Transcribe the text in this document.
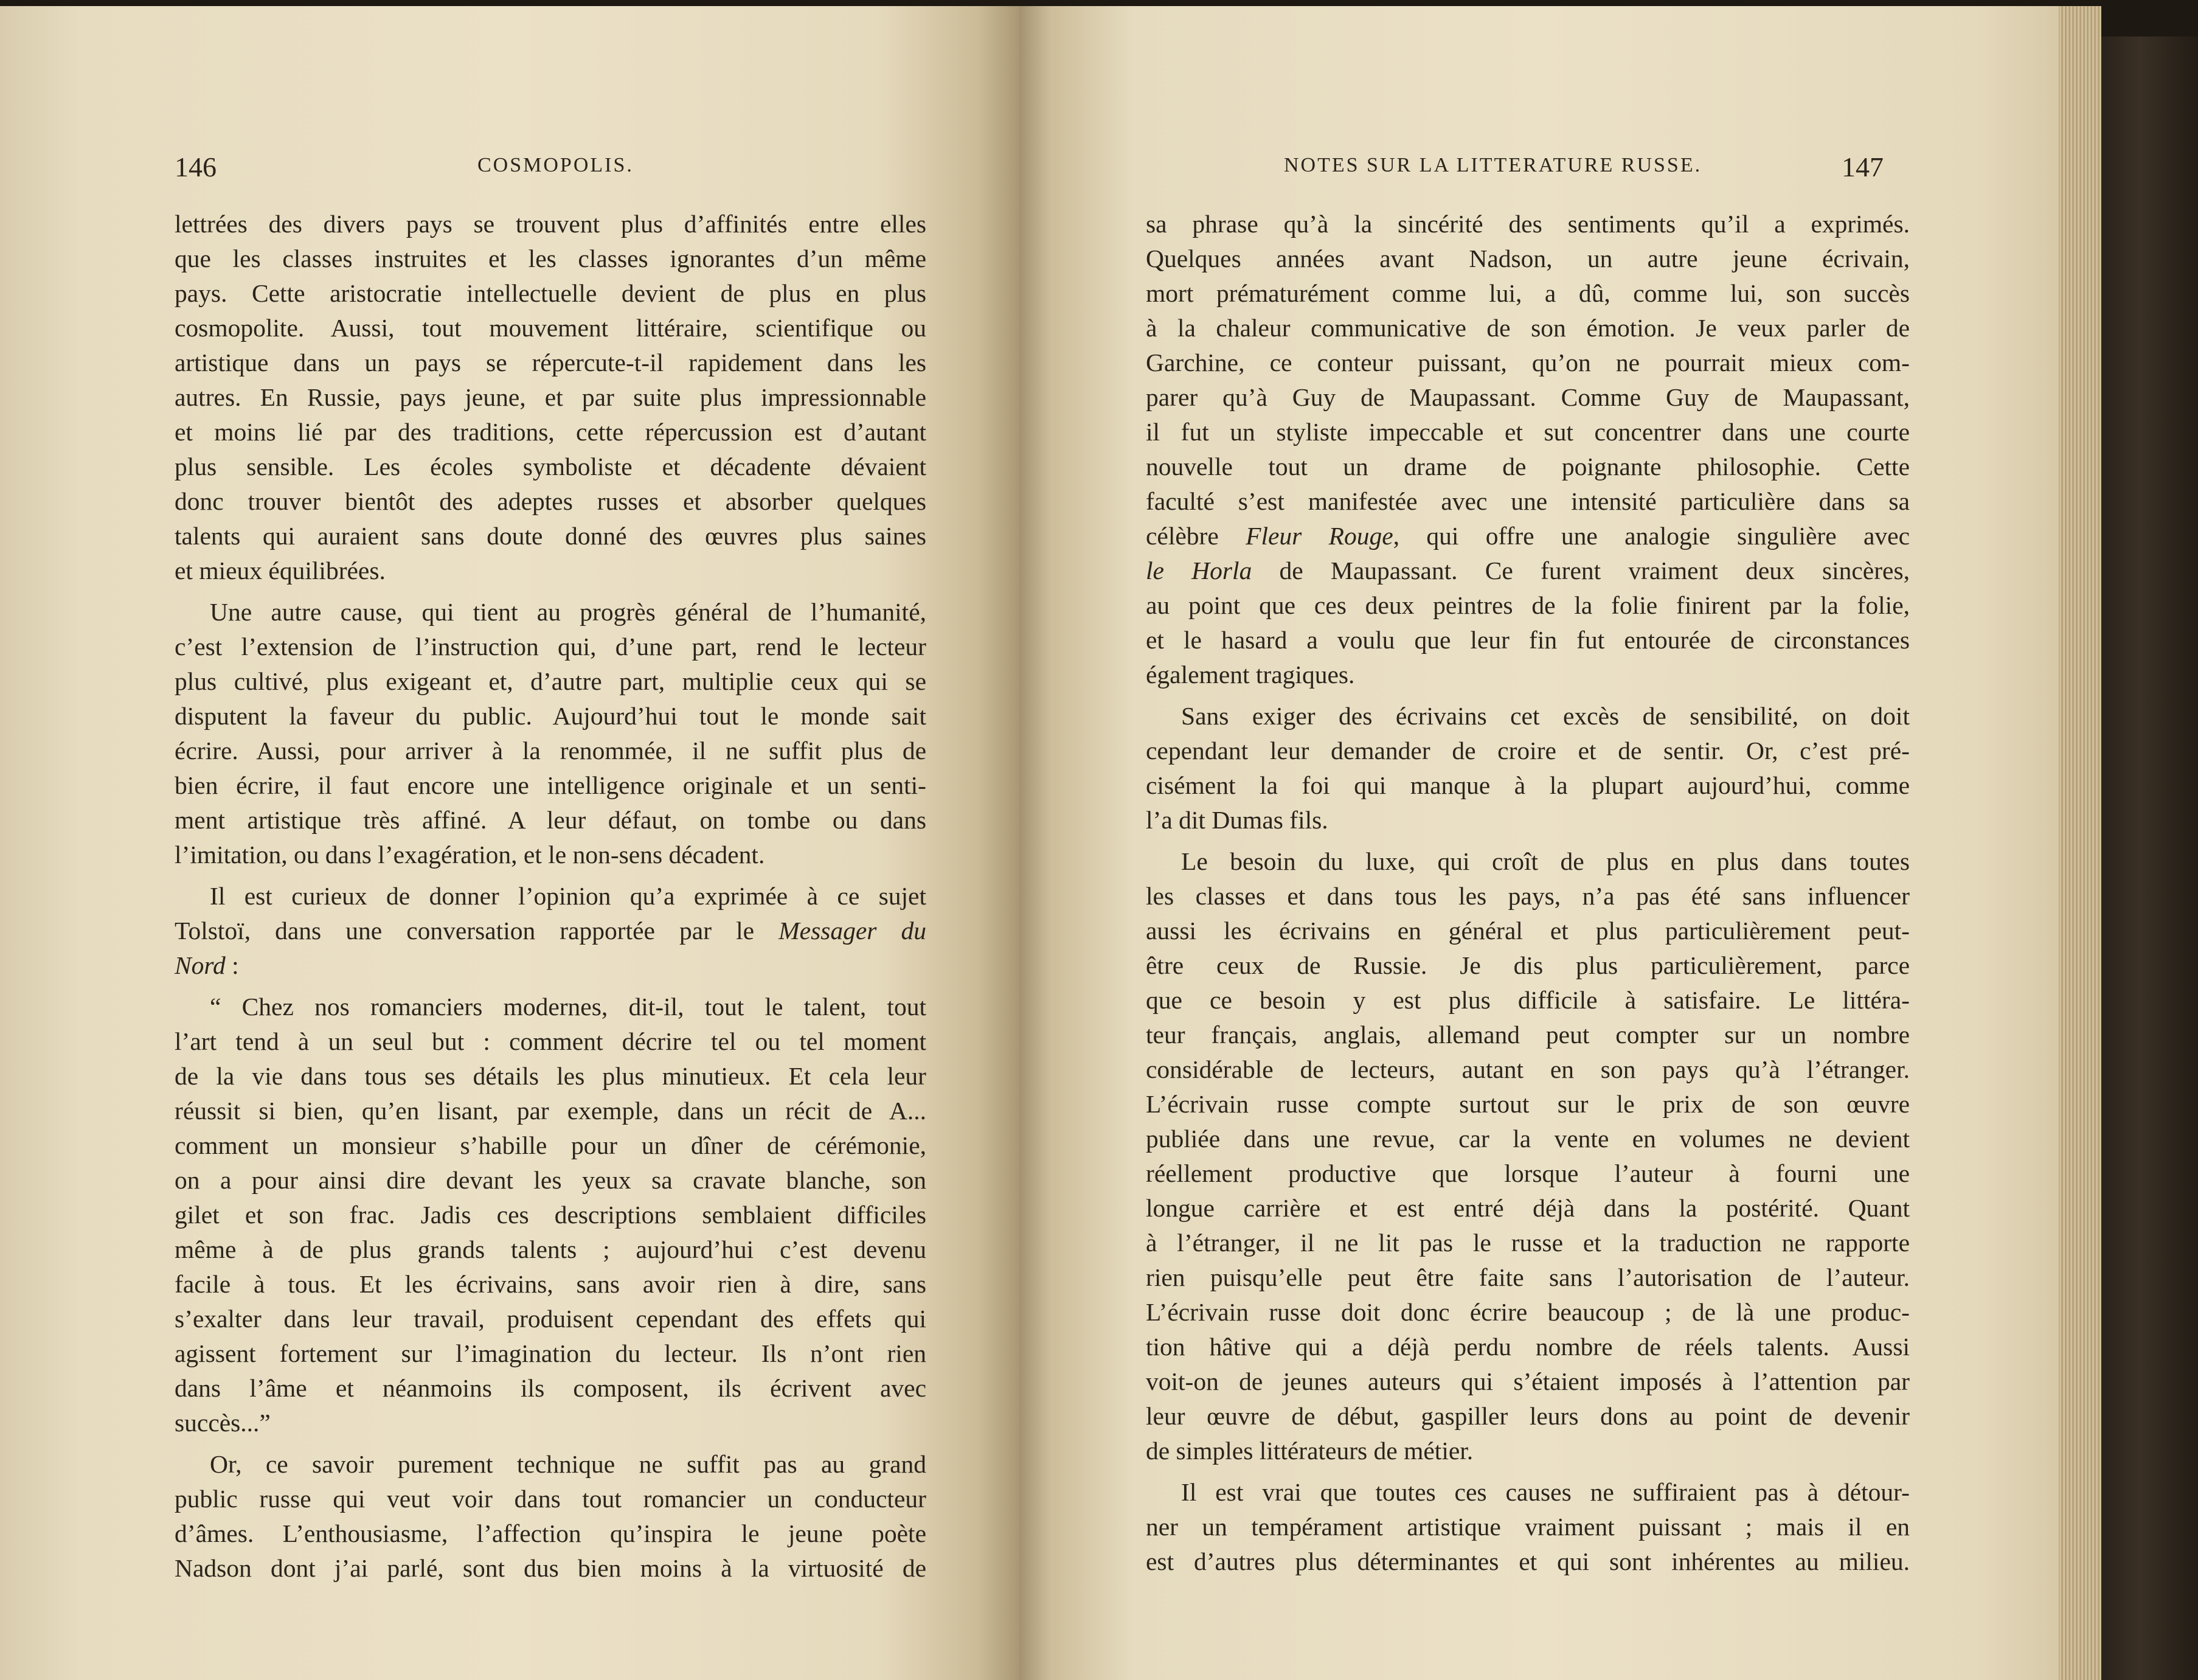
146	COSMOPOLIS.
lettrées des divers pays se trouvent plus d’affinités entre elles
que les classes instruites et les classes ignorantes d’un même
pays. Cette aristocratie intellectuelle devient de plus en plus
cosmopolite. Aussi, tout mouvement littéraire, scientifique ou
artistique dans un pays se répercute-t-il rapidement dans les
autres. En Russie, pays jeune, et par suite plus impressionnable
et moins lié par des traditions, cette répercussion est d’autant
plus sensible. Les écoles symboliste et décadente dévaient
donc trouver bientôt des adeptes russes et absorber quelques
talents qui auraient sans doute donné des œuvres plus saines
et mieux équilibrées.
Une autre cause, qui tient au progrès général de l’humanité,
c’est l’extension de l’instruction qui, d’une part, rend le lecteur
plus cultivé, plus exigeant et, d’autre part, multiplie ceux qui se
disputent la faveur du public. Aujourd’hui tout le monde sait
écrire. Aussi, pour arriver à la renommée, il ne suffit plus de
bien écrire, il faut encore une intelligence originale et un senti-
ment artistique très affiné. A leur défaut, on tombe ou dans
l’imitation, ou dans l’exagération, et le non-sens décadent.
Il est curieux de donner l’opinion qu’a exprimée à ce sujet
Tolstoï, dans une conversation rapportée par le Messager du
Nord :
“ Chez nos romanciers modernes, dit-il, tout le talent, tout
l’art tend à un seul but : comment décrire tel ou tel moment
de la vie dans tous ses détails les plus minutieux. Et cela leur
réussit si bien, qu’en lisant, par exemple, dans un récit de A...
comment un monsieur s’habille pour un dîner de cérémonie,
on a pour ainsi dire devant les yeux sa cravate blanche, son
gilet et son frac. Jadis ces descriptions semblaient difficiles
même à de plus grands talents ; aujourd’hui c’est devenu
facile à tous. Et les écrivains, sans avoir rien à dire, sans
s’exalter dans leur travail, produisent cependant des effets qui
agissent fortement sur l’imagination du lecteur. Ils n’ont rien
dans l’âme et néanmoins ils composent, ils écrivent avec
succès...”
Or, ce savoir purement technique ne suffit pas au grand
public russe qui veut voir dans tout romancier un conducteur
d’âmes. L’enthousiasme, l’affection qu’inspira le jeune poète
Nadson dont j’ai parlé, sont dus bien moins à la virtuosité de
NOTES SUR LA LITTERATURE RUSSE.	147
sa phrase qu’à la sincérité des sentiments qu’il a exprimés.
Quelques années avant Nadson, un autre jeune écrivain,
mort prématurément comme lui, a dû, comme lui, son succès
à la chaleur communicative de son émotion. Je veux parler de
Garchine, ce conteur puissant, qu’on ne pourrait mieux com-
parer qu’à Guy de Maupassant. Comme Guy de Maupassant,
il fut un styliste impeccable et sut concentrer dans une courte
nouvelle tout un drame de poignante philosophie. Cette
faculté s’est manifestée avec une intensité particulière dans sa
célèbre Fleur Rouge, qui offre une analogie singulière avec
le Horla de Maupassant. Ce furent vraiment deux sincères,
au point que ces deux peintres de la folie finirent par la folie,
et le hasard a voulu que leur fin fut entourée de circonstances
également tragiques.
Sans exiger des écrivains cet excès de sensibilité, on doit
cependant leur demander de croire et de sentir. Or, c’est pré-
cisément la foi qui manque à la plupart aujourd’hui, comme
l’a dit Dumas fils.
Le besoin du luxe, qui croît de plus en plus dans toutes
les classes et dans tous les pays, n’a pas été sans influencer
aussi les écrivains en général et plus particulièrement peut-
être ceux de Russie. Je dis plus particulièrement, parce
que ce besoin y est plus difficile à satisfaire. Le littéra-
teur français, anglais, allemand peut compter sur un nombre
considérable de lecteurs, autant en son pays qu’à l’étranger.
L’écrivain russe compte surtout sur le prix de son œuvre
publiée dans une revue, car la vente en volumes ne devient
réellement productive que lorsque l’auteur à fourni une
longue carrière et est entré déjà dans la postérité. Quant
à l’étranger, il ne lit pas le russe et la traduction ne rapporte
rien puisqu’elle peut être faite sans l’autorisation de l’auteur.
L’écrivain russe doit donc écrire beaucoup ; de là une produc-
tion hâtive qui a déjà perdu nombre de réels talents. Aussi
voit-on de jeunes auteurs qui s’étaient imposés à l’attention par
leur œuvre de début, gaspiller leurs dons au point de devenir
de simples littérateurs de métier.
Il est vrai que toutes ces causes ne suffiraient pas à détour-
ner un tempérament artistique vraiment puissant ; mais il en
est d’autres plus déterminantes et qui sont inhérentes au milieu.
